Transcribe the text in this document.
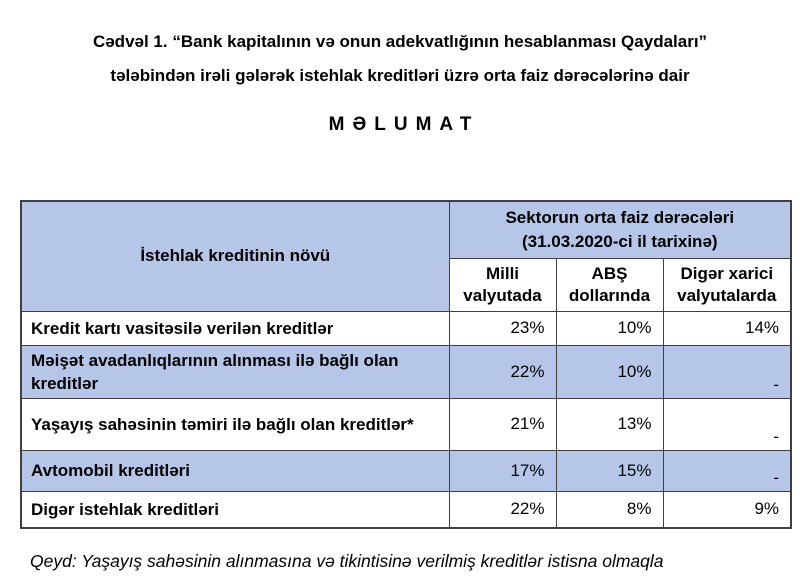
Cədvəl 1. “Bank kapitalının və onun adekvatlığının hesablanması Qaydaları”
tələbindən irəli gələrək istehlak kreditləri üzrə orta faiz dərəcələrinə dair
MƏLUMAT
İstehlak kreditinin növü	Sektorun orta faiz dərəcələri
(31.03.2020-ci il tarixinə)		

	Milli valyutada	ABŞ dollarında	Digər xarici valyutalarda
Kredit kartı vasitəsilə verilən kreditlər	23%	10%	14%
Məişət avadanlıqlarının alınması ilə bağlı olan kreditlər	22%	10%	-
Yaşayış sahəsinin təmiri ilə bağlı olan kreditlər*	21%	13%	-
Avtomobil kreditləri	17%	15%	-
Digər istehlak kreditləri	22%	8%	9%
Qeyd: Yaşayış sahəsinin alınmasına və tikintisinə verilmiş kreditlər istisna olmaqla
